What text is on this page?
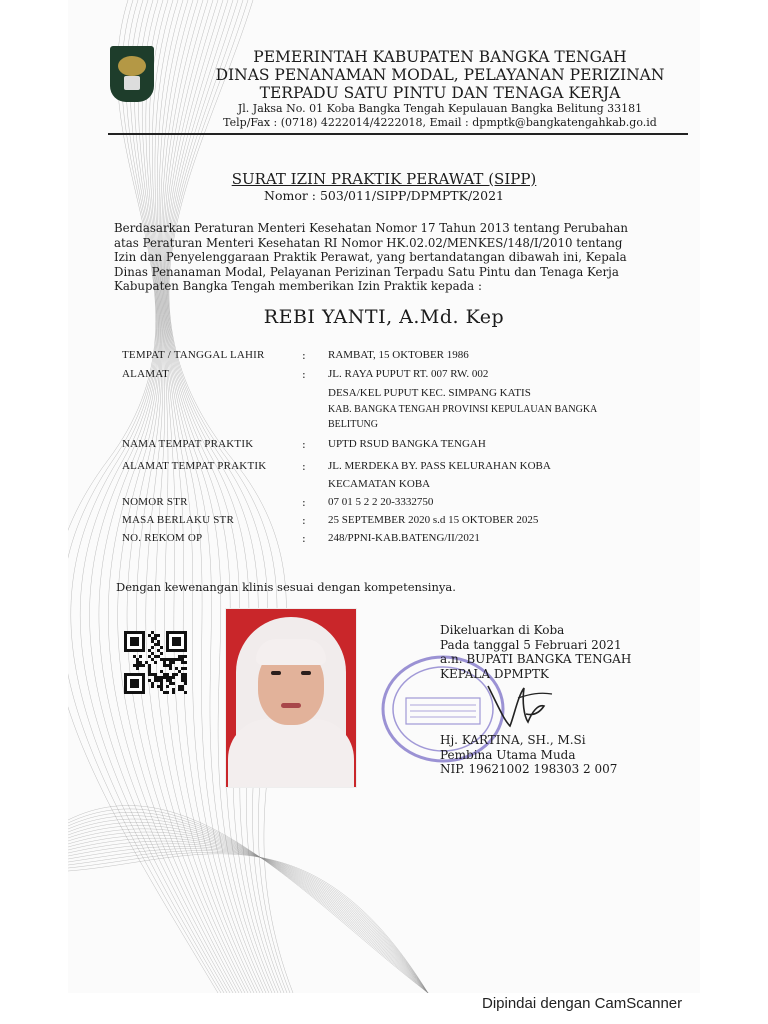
PEMERINTAH KABUPATEN BANGKA TENGAH
DINAS PENANAMAN MODAL, PELAYANAN PERIZINAN
TERPADU SATU PINTU DAN TENAGA KERJA
Jl. Jaksa No. 01 Koba Bangka Tengah Kepulauan Bangka Belitung 33181
Telp/Fax : (0718) 4222014/4222018, Email : dpmptk@bangkatengahkab.go.id
SURAT IZIN PRAKTIK PERAWAT (SIPP)
Nomor : 503/011/SIPP/DPMPTK/2021
Berdasarkan Peraturan Menteri Kesehatan Nomor 17 Tahun 2013 tentang Perubahan
atas Peraturan Menteri Kesehatan RI Nomor HK.02.02/MENKES/148/I/2010 tentang
Izin dan Penyelenggaraan Praktik Perawat, yang bertandatangan dibawah ini, Kepala
Dinas Penanaman Modal, Pelayanan Perizinan Terpadu Satu Pintu dan Tenaga Kerja
Kabupaten Bangka Tengah memberikan Izin Praktik kepada :
REBI YANTI, A.Md. Kep
TEMPAT / TANGGAL LAHIR	: RAMBAT, 15 OKTOBER 1986
ALAMAT	: JL. RAYA PUPUT RT. 007 RW. 002
DESA/KEL PUPUT KEC. SIMPANG KATIS
KAB. BANGKA TENGAH PROVINSI KEPULAUAN BANGKA
BELITUNG
NAMA TEMPAT PRAKTIK	: UPTD RSUD BANGKA TENGAH
ALAMAT TEMPAT PRAKTIK	: JL. MERDEKA BY. PASS KELURAHAN KOBA
KECAMATAN KOBA
NOMOR STR	: 07 01 5 2 2 20-3332750
MASA BERLAKU STR	: 25 SEPTEMBER 2020 s.d 15 OKTOBER 2025
NO. REKOM OP	: 248/PPNI-KAB.BATENG/II/2021
Dengan kewenangan klinis sesuai dengan kompetensinya.
Dikeluarkan di Koba
Pada tanggal 5 Februari 2021
a.n. BUPATI BANGKA TENGAH
KEPALA DPMPTK
Hj. KARTINA, SH., M.Si
Pembina Utama Muda
NIP. 19621002 198303 2 007
Dipindai dengan CamScanner
